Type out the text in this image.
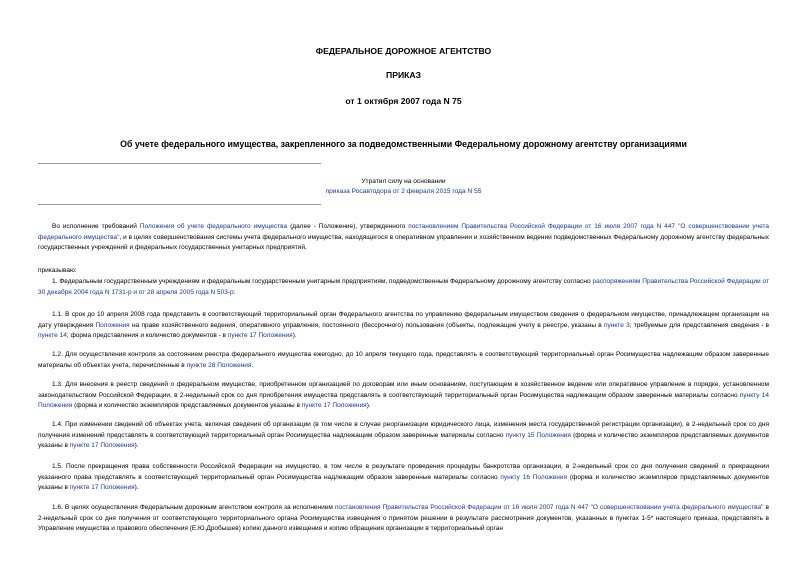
ФЕДЕРАЛЬНОЕ ДОРОЖНОЕ АГЕНТСТВО
ПРИКАЗ
от 1 октября 2007 года N 75
Об учете федерального имущества, закрепленного за подведомственными Федеральному дорожному агентству организациями
Утратил силу на основании
приказа Росавтодора от 2 февраля 2015 года N 55
Во исполнение требований Положения об учете федерального имущества (далее - Положение), утвержденного постановлением Правительства Российской Федерации от 16 июля 2007 года N 447 "О совершенствовании учета федерального имущества", и в целях совершенствования системы учета федерального имущества, находящегося в оперативном управлении и хозяйственном ведении подведомственных Федеральному дорожному агентству федеральных государственных учреждений и федеральных государственных унитарных предприятий,
приказываю:
1. Федеральным государственным учреждениям и федеральным государственным унитарным предприятиям, подведомственным Федеральному дорожному агентству согласно распоряжениям Правительства Российской Федерации от 30 декабря 2004 года N 1731-р и от 28 апреля 2005 года N 503-р:
1.1. В срок до 10 апреля 2008 года представить в соответствующий территориальный орган Федерального агентства по управлению федеральным имуществом сведения о федеральном имуществе, принадлежащем организации на дату утверждения Положения на праве хозяйственного ведения, оперативного управления, постоянного (бессрочного) пользования (объекты, подлежащие учету в реестре, указаны в пункте 3; требуемые для представления сведения - в пункте 14; форма представления и количество документов - в пункте 17 Положения).
1.2. Для осуществления контроля за состоянием реестра федерального имущества ежегодно, до 10 апреля текущего года, представлять в соответствующий территориальный орган Росимущества надлежащим образом заверенные материалы об объектах учета, перечисленные в пункте 28 Положения.
1.3. Для внесения в реестр сведений о федеральном имуществе, приобретенном организацией по договорам или иным основаниям, поступающем в хозяйственное ведение или оперативное управление в порядке, установленном законодательством Российской Федерации, в 2-недельный срок со дня приобретения имущества представлять в соответствующий территориальный орган Росимущества надлежащим образом заверенные материалы согласно пункту 14 Положения (форма и количество экземпляров представляемых документов указаны в пункте 17 Положения).
1.4. При изменении сведений об объектах учета, включая сведения об организации (в том числе в случае реорганизации юридического лица, изменения места государственной регистрации организации), в 2-недельный срок со дня получения изменений представлять в соответствующий территориальный орган Росимущества надлежащим образом заверенные материалы согласно пункту 15 Положения (форма и количество экземпляров представляемых документов указаны в пункте 17 Положения).
1.5. После прекращения права собственности Российской Федерации на имущество, в том числе в результате проведения процедуры банкротства организации, в 2-недельный срок со дня получения сведений о прекращении указанного права представлять в соответствующий территориальный орган Росимущества надлежащим образом заверенные материалы согласно пункту 16 Положения (форма и количество экземпляров представляемых документов указаны в пункте 17 Положения).
1.6. В целях осуществления Федеральным дорожным агентством контроля за исполнением постановления Правительства Российской Федерации от 16 июля 2007 года N 447 "О совершенствовании учета федерального имущества" в 2-недельный срок со дня получения от соответствующего территориального органа Росимущества извещения о принятом решении в результате рассмотрения документов, указанных в пунктах 1-5* настоящего приказа, представлять в Управление имущества и правового обеспечения (Е.Ю.Дробышев) копию данного извещения и копию обращения организации в территориальный орган
